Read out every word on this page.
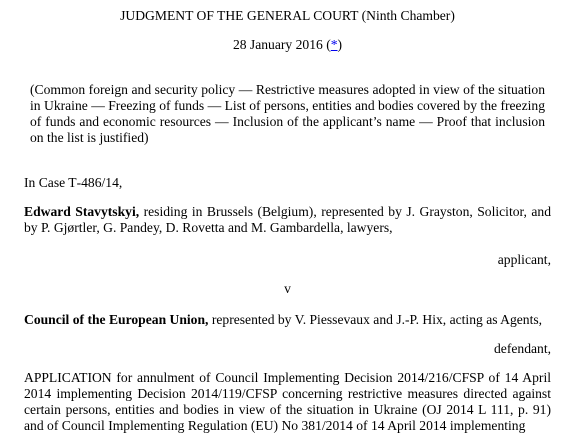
JUDGMENT OF THE GENERAL COURT (Ninth Chamber)

28 January 2016 (*)

(Common foreign and security policy — Restrictive measures adopted in view of the situation in Ukraine — Freezing of funds — List of persons, entities and bodies covered by the freezing of funds and economic resources — Inclusion of the applicant’s name — Proof that inclusion on the list is justified)

In Case T‑486/14,

Edward Stavytskyi, residing in Brussels (Belgium), represented by J. Grayston, Solicitor, and by P. Gjørtler, G. Pandey, D. Rovetta and M. Gambardella, lawyers,

applicant,

v

Council of the European Union, represented by V. Piessevaux and J.‑P. Hix, acting as Agents,

defendant,

APPLICATION for annulment of Council Implementing Decision 2014/216/CFSP of 14 April 2014 implementing Decision 2014/119/CFSP concerning restrictive measures directed against certain persons, entities and bodies in view of the situation in Ukraine (OJ 2014 L 111, p. 91) and of Council Implementing Regulation (EU) No 381/2014 of 14 April 2014 implementing
